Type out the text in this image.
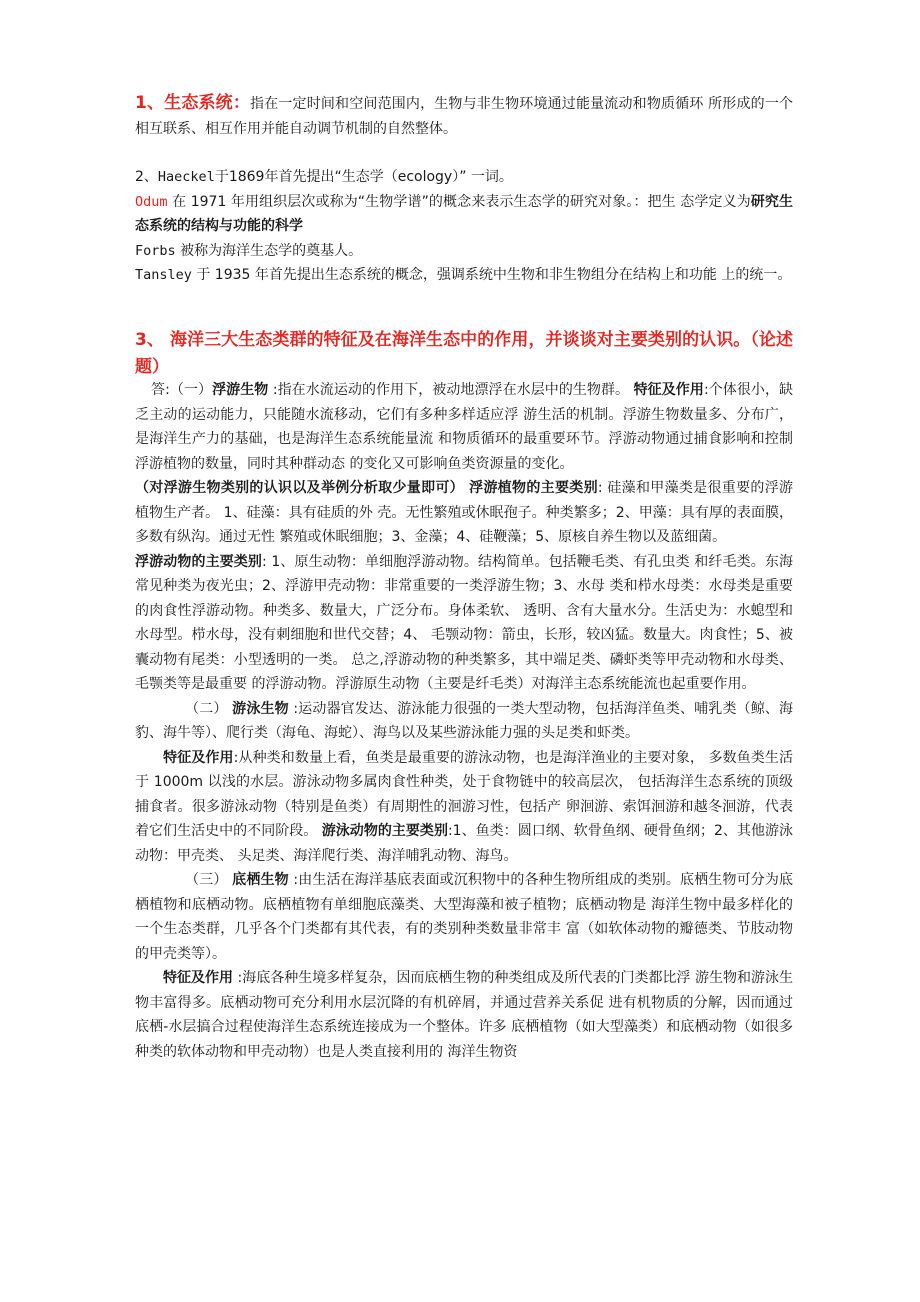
1、生态系统：指在一定时间和空间范围内，生物与非生物环境通过能量流动和物质循环 所形成的一个相互联系、相互作用并能自动调节机制的自然整体。
2、Haeckel于1869年首先提出“生态学（ecology）” 一词。
Odum 在 1971 年用组织层次或称为“生物学谱”的概念来表示生态学的研究对象。：把生 态学定义为研究生态系统的结构与功能的科学
Forbs 被称为海洋生态学的奠基人。
Tansley 于 1935 年首先提出生态系统的概念，强调系统中生物和非生物组分在结构上和功能 上的统一。
3、 海洋三大生态类群的特征及在海洋生态中的作用，并谈谈对主要类别的认识。（论述 题）
答:（一）浮游生物 :指在水流运动的作用下，被动地漂浮在水层中的生物群。 特征及作用:个体很小，缺乏主动的运动能力，只能随水流移动，它们有多种多样适应浮 游生活的机制。浮游生物数量多、分布广，是海洋生产力的基础，也是海洋生态系统能量流 和物质循环的最重要环节。浮游动物通过捕食影响和控制浮游植物的数量，同时其种群动态 的变化又可影响鱼类资源量的变化。
（对浮游生物类别的认识以及举例分析取少量即可） 浮游植物的主要类别: 硅藻和甲藻类是很重要的浮游植物生产者。 1、硅藻：具有硅质的外 壳。无性繁殖或休眠孢子。种类繁多；2、甲藻：具有厚的表面膜，多数有纵沟。通过无性 繁殖或休眠细胞；3、金藻；4、硅鞭藻；5、原核自养生物以及蓝细菌。
浮游动物的主要类别: 1、原生动物：单细胞浮游动物。结构简单。包括鞭毛类、有孔虫类 和纤毛类。东海常见种类为夜光虫；2、浮游甲壳动物：非常重要的一类浮游生物；3、水母 类和栉水母类：水母类是重要的肉食性浮游动物。种类多、数量大，广泛分布。身体柔软、 透明、含有大量水分。生活史为：水螅型和水母型。栉水母，没有刺细胞和世代交替；4、 毛颚动物：箭虫，长形，较凶猛。数量大。肉食性；5、被囊动物有尾类：小型透明的一类。 总之,浮游动物的种类繁多，其中端足类、磷虾类等甲壳动物和水母类、毛颚类等是最重要 的浮游动物。浮游原生动物（主要是纤毛类）对海洋主态系统能流也起重要作用。
（二） 游泳生物 :运动器官发达、游泳能力很强的一类大型动物，包括海洋鱼类、哺乳类（鲸、海豹、海牛等）、爬行类（海龟、海蛇）、海鸟以及某些游泳能力强的头足类和虾类。
特征及作用:从种类和数量上看，鱼类是最重要的游泳动物，也是海洋渔业的主要对象， 多数鱼类生活于 1000m 以浅的水层。游泳动物多属肉食性种类，处于食物链中的较高层次， 包括海洋生态系统的顶级捕食者。很多游泳动物（特别是鱼类）有周期性的洄游习性，包括产 卵洄游、索饵洄游和越冬洄游，代表着它们生活史中的不同阶段。 游泳动物的主要类别:1、鱼类：圆口纲、软骨鱼纲、硬骨鱼纲；2、其他游泳动物：甲壳类、 头足类、海洋爬行类、海洋哺乳动物、海鸟。
（三） 底栖生物 :由生活在海洋基底表面或沉积物中的各种生物所组成的类别。底栖生物可分为底栖植物和底栖动物。底栖植物有单细胞底藻类、大型海藻和被子植物；底栖动物是 海洋生物中最多样化的一个生态类群，几乎各个门类都有其代表，有的类别种类数量非常丰 富（如软体动物的瓣德类、节肢动物的甲壳类等）。
特征及作用 :海底各种生境多样复杂，因而底栖生物的种类组成及所代表的门类都比浮 游生物和游泳生物丰富得多。底栖动物可充分利用水层沉降的有机碎屑，并通过营养关系促 进有机物质的分解，因而通过底栖-水层搞合过程使海洋生态系统连接成为一个整体。许多 底栖植物（如大型藻类）和底栖动物（如很多种类的软体动物和甲壳动物）也是人类直接利用的 海洋生物资
